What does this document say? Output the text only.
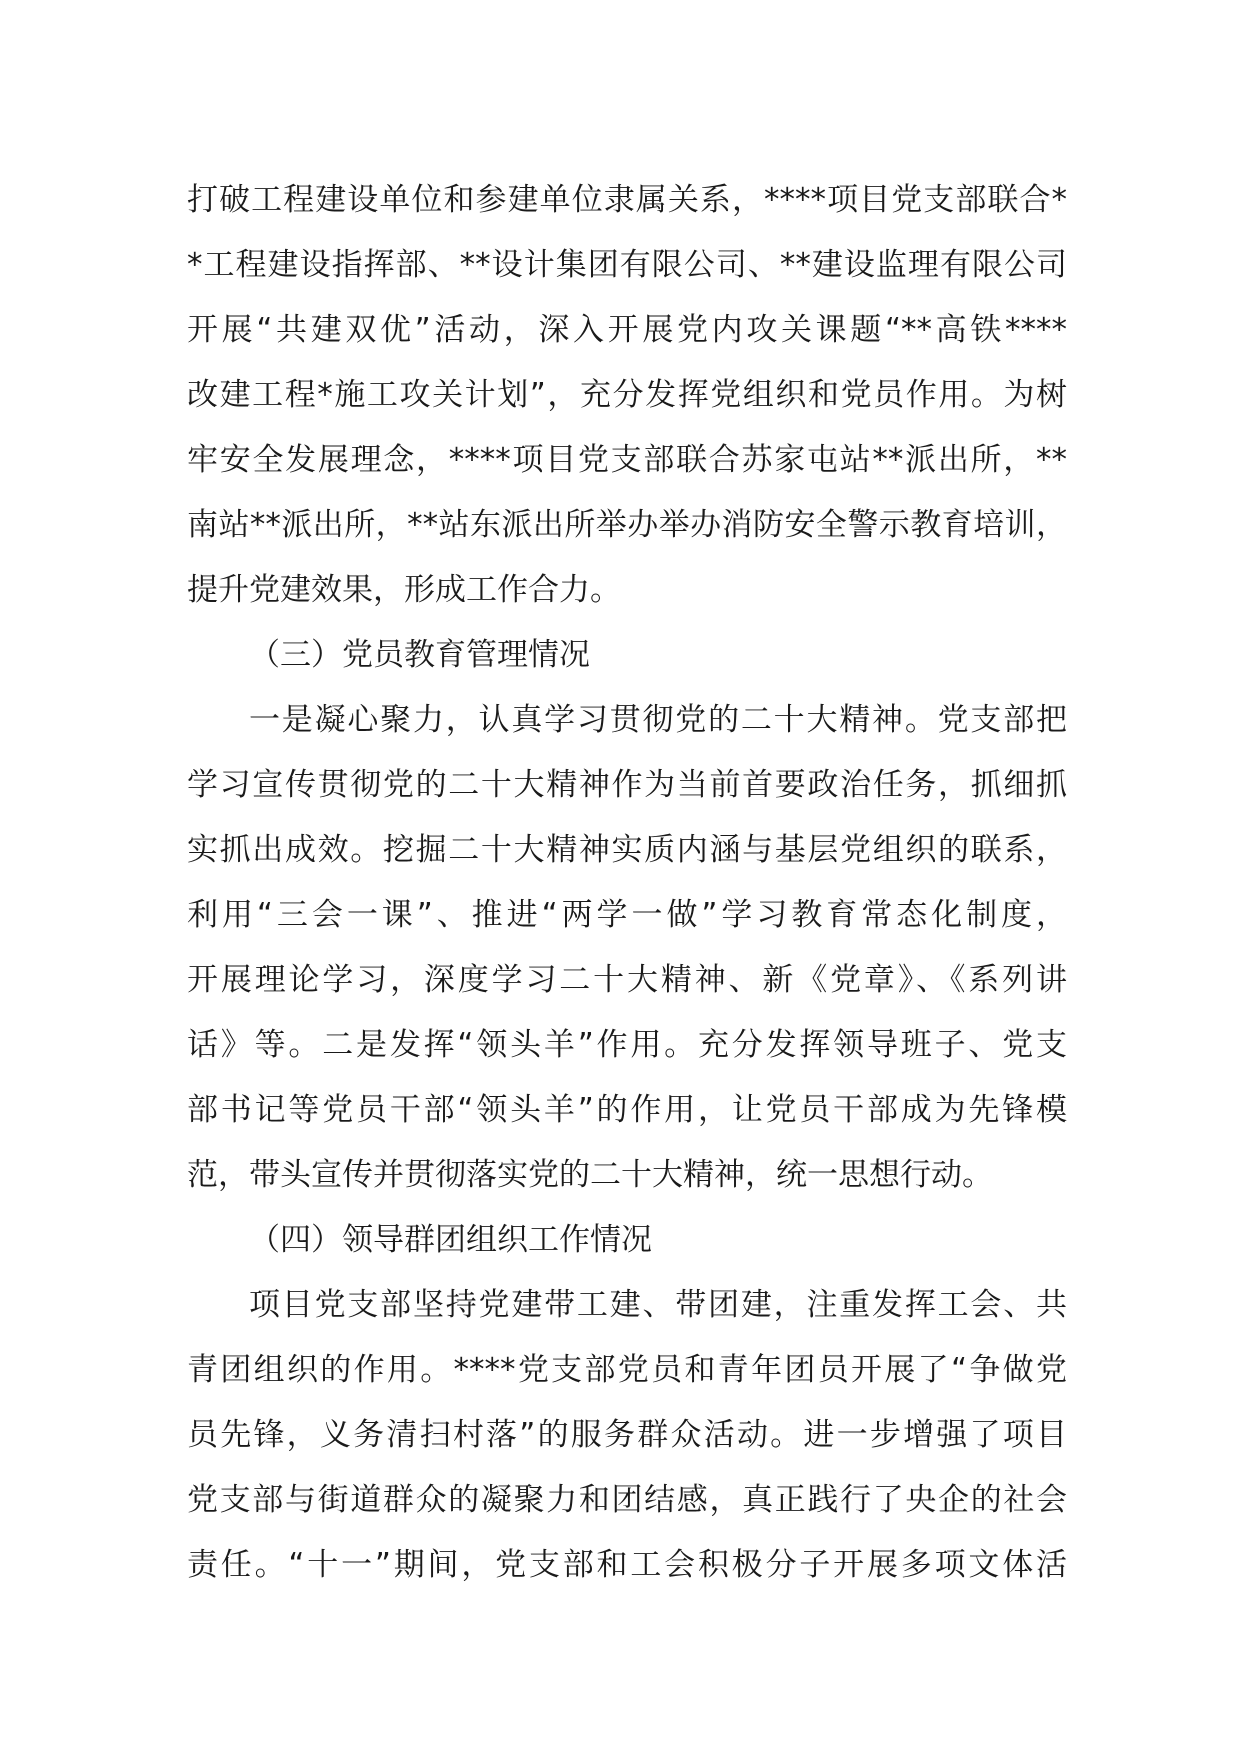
打破工程建设单位和参建单位隶属关系，****项目党支部联合*
*工程建设指挥部、**设计集团有限公司、**建设监理有限公司
开展“共建双优”活动，深入开展党内攻关课题“**高铁****
改建工程*施工攻关计划”，充分发挥党组织和党员作用。为树
牢安全发展理念，****项目党支部联合苏家屯站**派出所，**
南站**派出所，**站东派出所举办举办消防安全警示教育培训，
提升党建效果，形成工作合力。
（三）党员教育管理情况
一是凝心聚力，认真学习贯彻党的二十大精神。党支部把
学习宣传贯彻党的二十大精神作为当前首要政治任务，抓细抓
实抓出成效。挖掘二十大精神实质内涵与基层党组织的联系，
利用“三会一课”、推进“两学一做”学习教育常态化制度，
开展理论学习，深度学习二十大精神、新《党章》、《系列讲
话》等。二是发挥“领头羊”作用。充分发挥领导班子、党支
部书记等党员干部“领头羊”的作用，让党员干部成为先锋模
范，带头宣传并贯彻落实党的二十大精神，统一思想行动。
（四）领导群团组织工作情况
项目党支部坚持党建带工建、带团建，注重发挥工会、共
青团组织的作用。****党支部党员和青年团员开展了“争做党
员先锋，义务清扫村落”的服务群众活动。进一步增强了项目
党支部与街道群众的凝聚力和团结感，真正践行了央企的社会
责任。“十一”期间，党支部和工会积极分子开展多项文体活
